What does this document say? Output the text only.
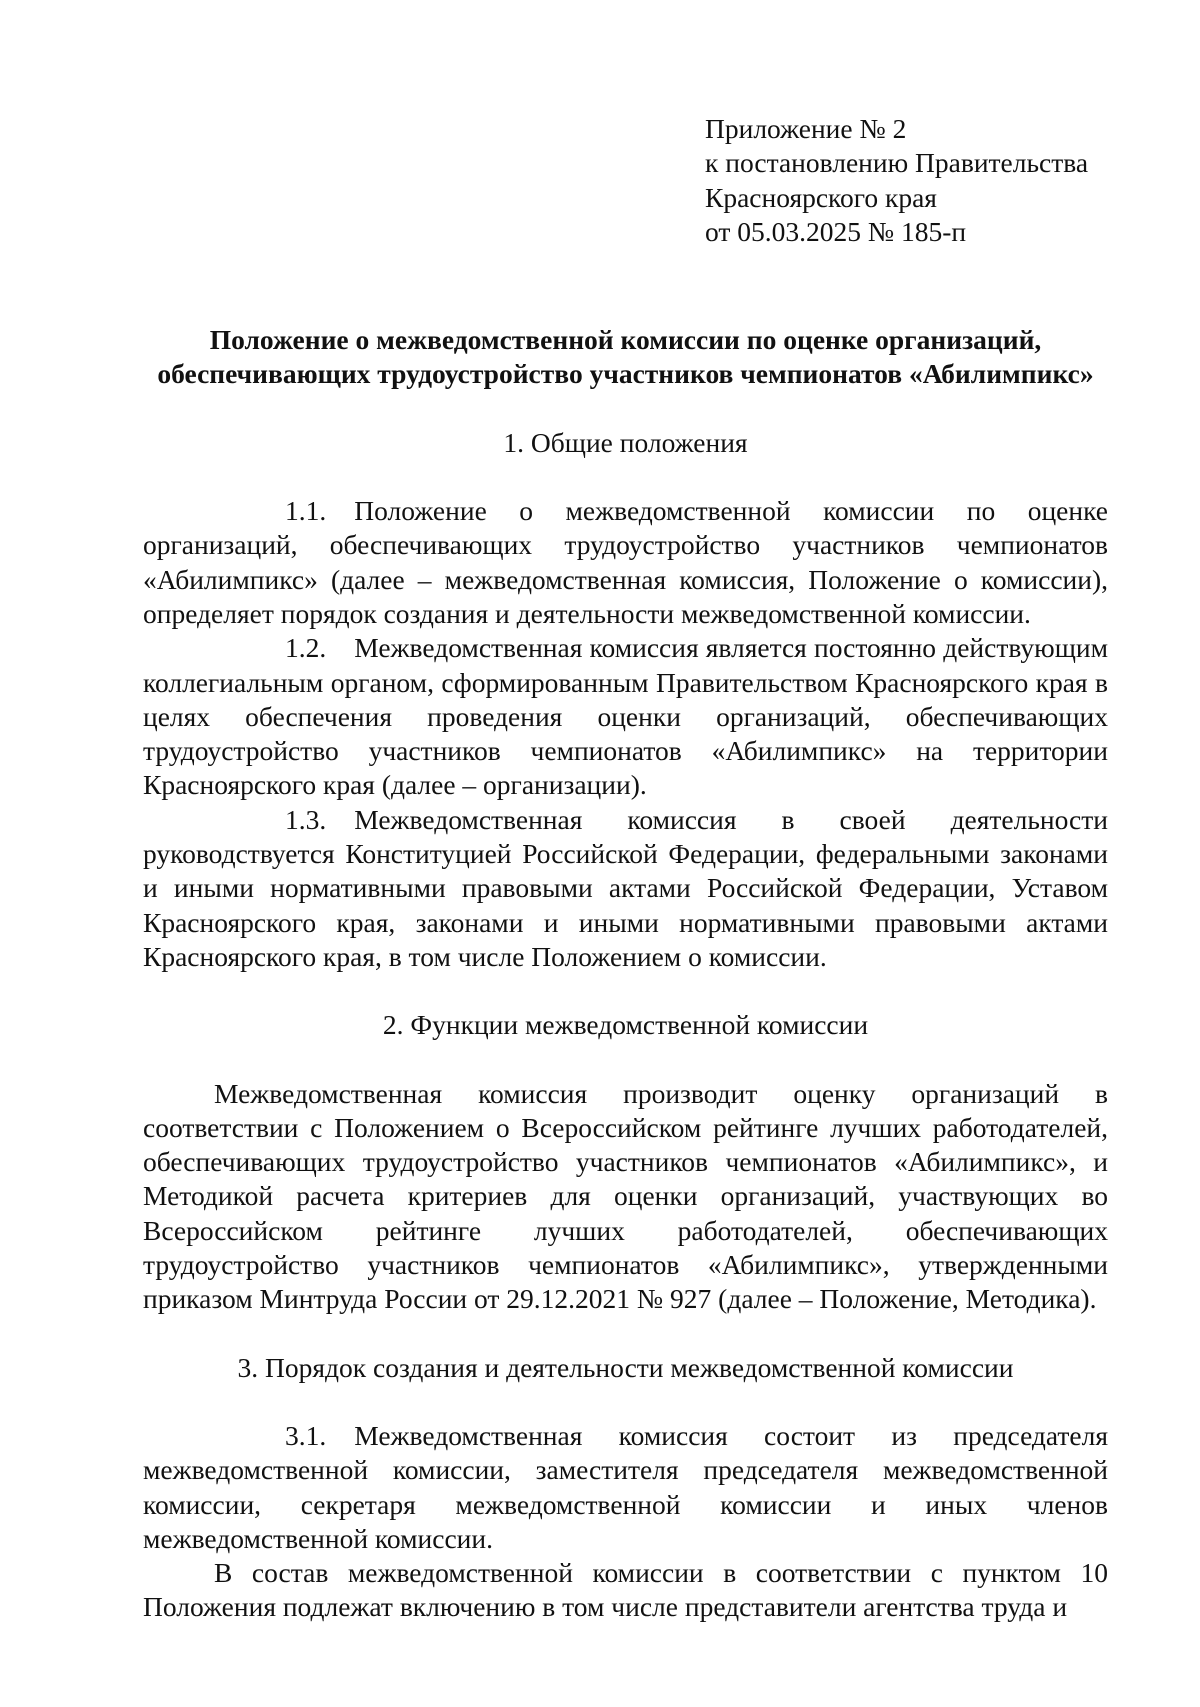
Приложение № 2
к постановлению Правительства
Красноярского края
от 05.03.2025 № 185-п
Положение о межведомственной комиссии по оценке организаций,
обеспечивающих трудоустройство участников чемпионатов «Абилимпикс»
1. Общие положения

1.1. Положение о межведомственной комиссии по оценке организаций, обеспечивающих трудоустройство участников чемпионатов «Абилимпикс» (далее – межведомственная комиссия, Положение о комиссии), определяет порядок создания и деятельности межведомственной комиссии.

1.2. Межведомственная комиссия является постоянно действующим коллегиальным органом, сформированным Правительством Красноярского края в целях обеспечения проведения оценки организаций, обеспечивающих трудоустройство участников чемпионатов «Абилимпикс» на территории Красноярского края (далее – организации).

1.3. Межведомственная комиссия в своей деятельности руководствуется Конституцией Российской Федерации, федеральными законами и иными нормативными правовыми актами Российской Федерации, Уставом Красноярского края, законами и иными нормативными правовыми актами Красноярского края, в том числе Положением о комиссии.

2. Функции межведомственной комиссии

Межведомственная комиссия производит оценку организаций в соответствии с Положением о Всероссийском рейтинге лучших работодателей, обеспечивающих трудоустройство участников чемпионатов «Абилимпикс», и Методикой расчета критериев для оценки организаций, участвующих во Всероссийском рейтинге лучших работодателей, обеспечивающих трудоустройство участников чемпионатов «Абилимпикс», утвержденными приказом Минтруда России от 29.12.2021 № 927 (далее – Положение, Методика).

3. Порядок создания и деятельности межведомственной комиссии

3.1. Межведомственная комиссия состоит из председателя межведомственной комиссии, заместителя председателя межведомственной комиссии, секретаря межведомственной комиссии и иных членов межведомственной комиссии.

В состав межведомственной комиссии в соответствии с пунктом 10 Положения подлежат включению в том числе представители агентства труда и
